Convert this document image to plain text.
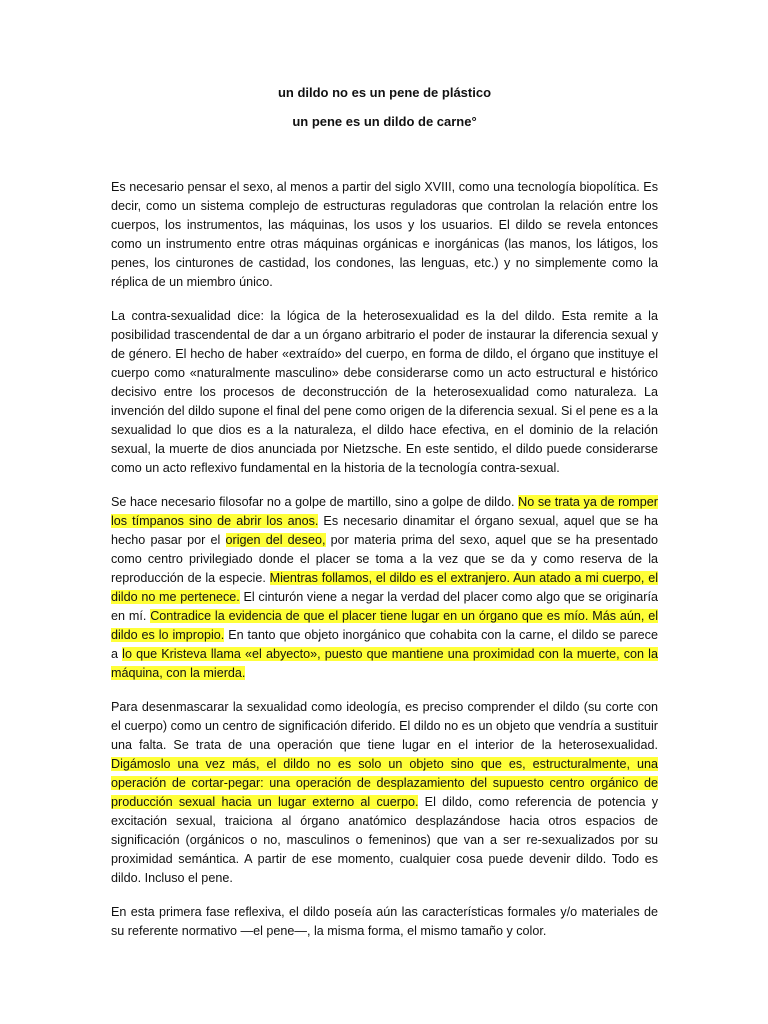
un dildo no es un pene de plástico
un pene es un dildo de carne°

Es necesario pensar el sexo, al menos a partir del siglo XVIII, como una tecnología biopolítica. Es decir, como un sistema complejo de estructuras reguladoras que controlan la relación entre los cuerpos, los instrumentos, las máquinas, los usos y los usuarios. El dildo se revela entonces como un instrumento entre otras máquinas orgánicas e inorgánicas (las manos, los látigos, los penes, los cinturones de castidad, los condones, las lenguas, etc.) y no simplemente como la réplica de un miembro único.

La contra-sexualidad dice: la lógica de la heterosexualidad es la del dildo. Esta remite a la posibilidad trascendental de dar a un órgano arbitrario el poder de instaurar la diferencia sexual y de género. El hecho de haber «extraído» del cuerpo, en forma de dildo, el órgano que instituye el cuerpo como «naturalmente masculino» debe considerarse como un acto estructural e histórico decisivo entre los procesos de deconstrucción de la heterosexualidad como naturaleza. La invención del dildo supone el final del pene como origen de la diferencia sexual. Si el pene es a la sexualidad lo que dios es a la naturaleza, el dildo hace efectiva, en el dominio de la relación sexual, la muerte de dios anunciada por Nietzsche. En este sentido, el dildo puede considerarse como un acto reflexivo fundamental en la historia de la tecnología contra-sexual.

Se hace necesario filosofar no a golpe de martillo, sino a golpe de dildo. No se trata ya de romper los tímpanos sino de abrir los anos. Es necesario dinamitar el órgano sexual, aquel que se ha hecho pasar por el origen del deseo, por materia prima del sexo, aquel que se ha presentado como centro privilegiado donde el placer se toma a la vez que se da y como reserva de la reproducción de la especie. Mientras follamos, el dildo es el extranjero. Aun atado a mi cuerpo, el dildo no me pertenece. El cinturón viene a negar la verdad del placer como algo que se originaría en mí. Contradice la evidencia de que el placer tiene lugar en un órgano que es mío. Más aún, el dildo es lo impropio. En tanto que objeto inorgánico que cohabita con la carne, el dildo se parece a lo que Kristeva llama «el abyecto», puesto que mantiene una proximidad con la muerte, con la máquina, con la mierda.

Para desenmascarar la sexualidad como ideología, es preciso comprender el dildo (su corte con el cuerpo) como un centro de significación diferido. El dildo no es un objeto que vendría a sustituir una falta. Se trata de una operación que tiene lugar en el interior de la heterosexualidad. Digámoslo una vez más, el dildo no es solo un objeto sino que es, estructuralmente, una operación de cortar-pegar: una operación de desplazamiento del supuesto centro orgánico de producción sexual hacia un lugar externo al cuerpo. El dildo, como referencia de potencia y excitación sexual, traiciona al órgano anatómico desplazándose hacia otros espacios de significación (orgánicos o no, masculinos o femeninos) que van a ser re-sexualizados por su proximidad semántica. A partir de ese momento, cualquier cosa puede devenir dildo. Todo es dildo. Incluso el pene.

En esta primera fase reflexiva, el dildo poseía aún las características formales y/o materiales de su referente normativo —el pene—, la misma forma, el mismo tamaño y color.
